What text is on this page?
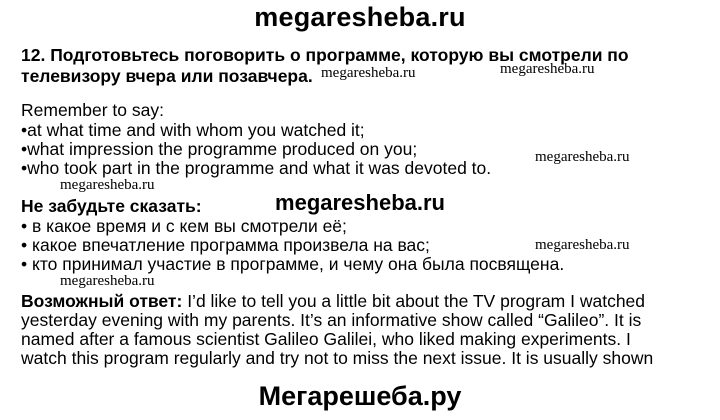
megaresheba.ru
12. Подготовьтесь поговорить о программе, которую вы смотрели по
телевизору вчера или позавчера.
Remember to say:
•at what time and with whom you watched it;
•what impression the programme produced on you;
•who took part in the programme and what it was devoted to.
Не забудьте сказать:
• в какое время и с кем вы смотрели её;
• какое впечатление программа произвела на вас;
• кто принимал участие в программе, и чему она была посвящена.
Возможный ответ: I’d like to tell you a little bit about the TV program I watched
yesterday evening with my parents. It’s an informative show called “Galileo”. It is
named after a famous scientist Galileo Galilei, who liked making experiments. I
watch this program regularly and try not to miss the next issue. It is usually shown
megaresheba.ru	megaresheba.ru
megaresheba.ru
megaresheba.ru
megaresheba.ru
megaresheba.ru
megaresheba.ru
Мегарешеба.ру
